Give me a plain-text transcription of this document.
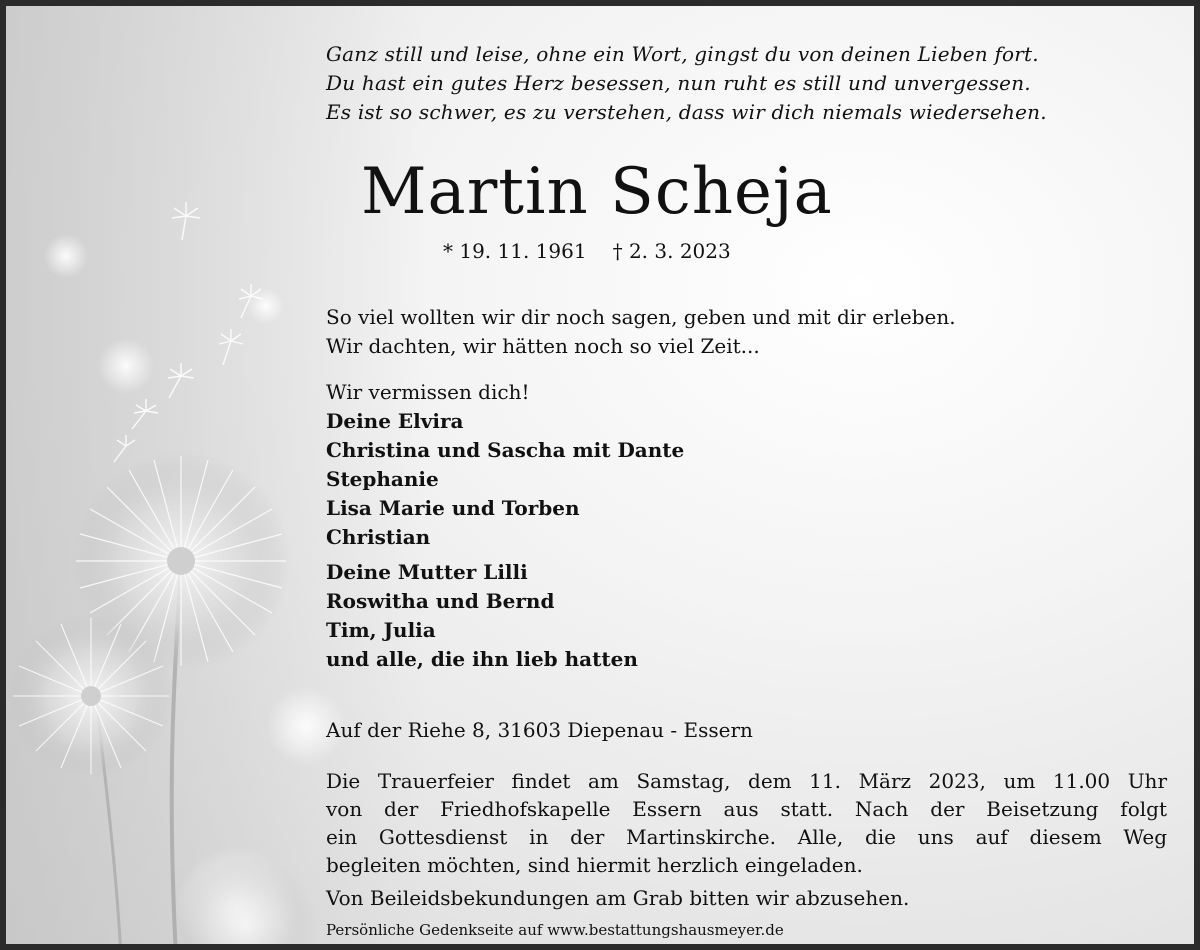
Ganz still und leise, ohne ein Wort, gingst du von deinen Lieben fort.
Du hast ein gutes Herz besessen, nun ruht es still und unvergessen.
Es ist so schwer, es zu verstehen, dass wir dich niemals wiedersehen.
Martin Scheja
* 19. 11. 1961 † 2. 3. 2023
So viel wollten wir dir noch sagen, geben und mit dir erleben.
Wir dachten, wir hätten noch so viel Zeit...
Wir vermissen dich!
Deine Elvira
Christina und Sascha mit Dante
Stephanie
Lisa Marie und Torben
Christian
Deine Mutter Lilli
Roswitha und Bernd
Tim, Julia
und alle, die ihn lieb hatten
Auf der Riehe 8, 31603 Diepenau - Essern
Die Trauerfeier findet am Samstag, dem 11. März 2023, um 11.00 Uhr
von der Friedhofskapelle Essern aus statt. Nach der Beisetzung folgt
ein Gottesdienst in der Martinskirche. Alle, die uns auf diesem Weg
begleiten möchten, sind hiermit herzlich eingeladen.
Von Beileidsbekundungen am Grab bitten wir abzusehen.
Persönliche Gedenkseite auf www.bestattungshausmeyer.de
